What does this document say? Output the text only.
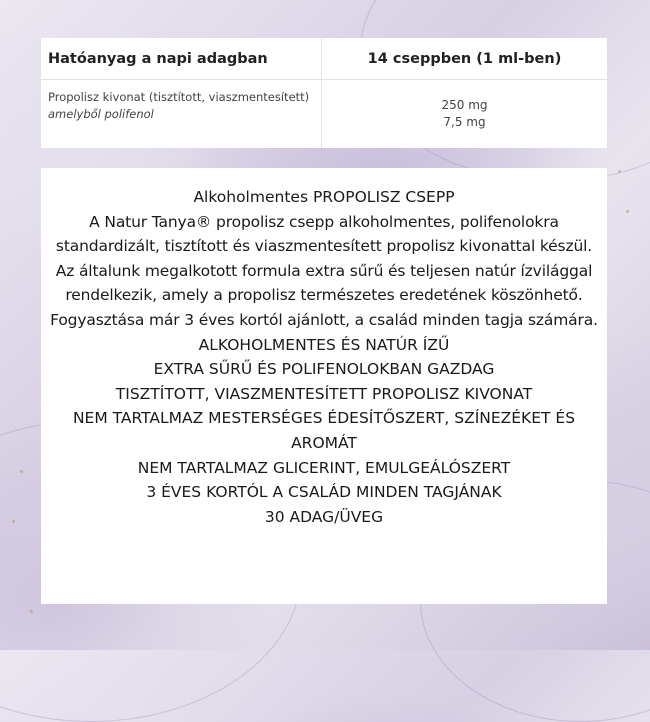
Hatóanyag a napi adagban	14 cseppben (1 ml-ben)
Propolisz kivonat (tisztított, viaszmentesített)
amelyből polifenol
250 mg
7,5 mg
Alkoholmentes PROPOLISZ CSEPP
A Natur Tanya® propolisz csepp alkoholmentes, polifenolokra standardizált, tisztított és viaszmentesített propolisz kivonattal készül. Az általunk megalkotott formula extra sűrű és teljesen natúr ízvilággal rendelkezik, amely a propolisz természetes eredetének köszönhető. Fogyasztása már 3 éves kortól ajánlott, a család minden tagja számára.
ALKOHOLMENTES ÉS NATÚR ÍZŰ
EXTRA SŰRŰ ÉS POLIFENOLOKBAN GAZDAG
TISZTÍTOTT, VIASZMENTESÍTETT PROPOLISZ KIVONAT
NEM TARTALMAZ MESTERSÉGES ÉDESÍTŐSZERT, SZÍNEZÉKET ÉS AROMÁT
NEM TARTALMAZ GLICERINT, EMULGEÁLÓSZERT
3 ÉVES KORTÓL A CSALÁD MINDEN TAGJÁNAK
30 ADAG/ÜVEG
